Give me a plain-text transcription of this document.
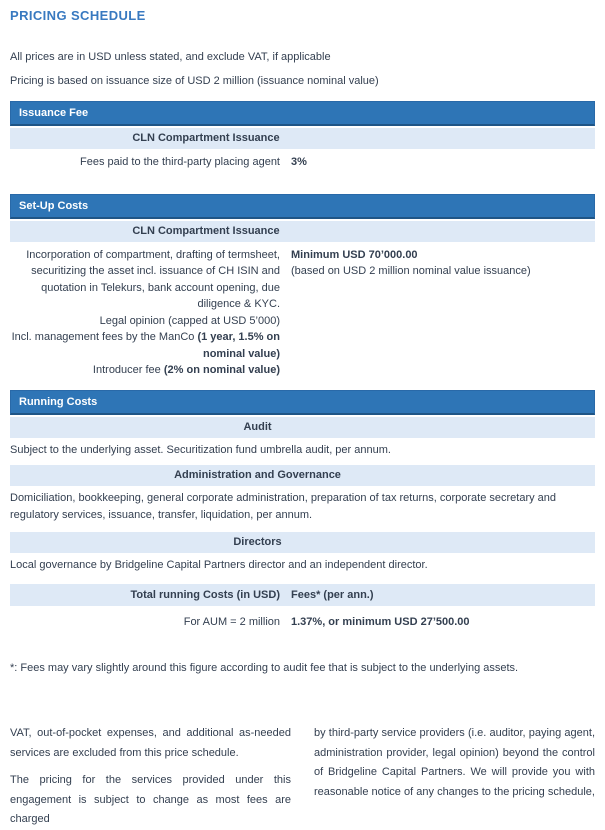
PRICING SCHEDULE

All prices are in USD unless stated, and exclude VAT, if applicable

Pricing is based on issuance size of USD 2 million (issuance nominal value)

Issuance Fee
CLN Compartment Issuance
Fees paid to the third-party placing agent 3%
Set-Up Costs
CLN Compartment Issuance
Incorporation of compartment, drafting of termsheet, securitizing the asset incl. issuance of CH ISIN and quotation in Telekurs, bank account opening, due diligence & KYC.
Legal opinion (capped at USD 5’000)
Incl. management fees by the ManCo (1 year, 1.5% on nominal value)
Introducer fee (2% on nominal value)
Minimum USD 70’000.00
(based on USD 2 million nominal value issuance)
Running Costs
Audit
Subject to the underlying asset. Securitization fund umbrella audit, per annum.
Administration and Governance
Domiciliation, bookkeeping, general corporate administration, preparation of tax returns, corporate secretary and regulatory services, issuance, transfer, liquidation, per annum.
Directors
Local governance by Bridgeline Capital Partners director and an independent director.
Total running Costs (in USD) Fees* (per ann.)
For AUM = 2 million 1.37%, or minimum USD 27’500.00
*: Fees may vary slightly around this figure according to audit fee that is subject to the underlying assets.

VAT, out-of-pocket expenses, and additional as-needed services are excluded from this price schedule.

The pricing for the services provided under this engagement is subject to change as most fees are charged

by third-party service providers (i.e. auditor, paying agent, administration provider, legal opinion) beyond the control of Bridgeline Capital Partners. We will provide you with reasonable notice of any changes to the pricing schedule,
